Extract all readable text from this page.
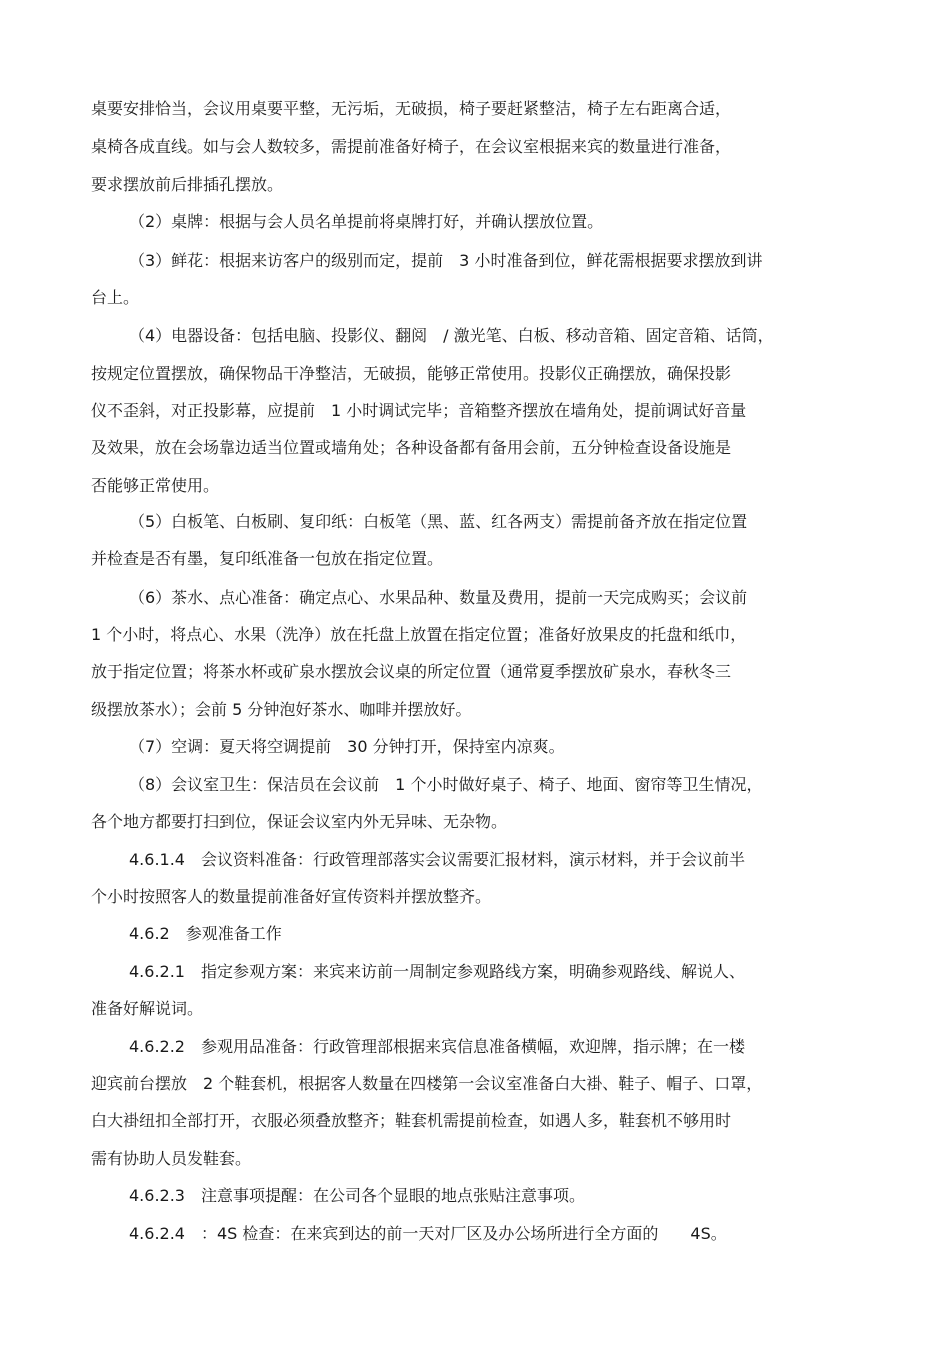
桌要安排恰当，会议用桌要平整，无污垢，无破损，椅子要赶紧整洁，椅子左右距离合适，
桌椅各成直线。如与会人数较多，需提前准备好椅子，在会议室根据来宾的数量进行准备，
要求摆放前后排插孔摆放。
（2）桌牌：根据与会人员名单提前将桌牌打好，并确认摆放位置。
（3）鲜花：根据来访客户的级别而定，提前　3 小时准备到位，鲜花需根据要求摆放到讲
台上。
（4）电器设备：包括电脑、投影仪、翻阅　/ 激光笔、白板、移动音箱、固定音箱、话筒，
按规定位置摆放，确保物品干净整洁，无破损，能够正常使用。投影仪正确摆放，确保投影
仪不歪斜，对正投影幕，应提前　1 小时调试完毕；音箱整齐摆放在墙角处，提前调试好音量
及效果，放在会场靠边适当位置或墙角处；各种设备都有备用会前，五分钟检查设备设施是
否能够正常使用。
（5）白板笔、白板刷、复印纸：白板笔（黑、蓝、红各两支）需提前备齐放在指定位置
并检查是否有墨，复印纸准备一包放在指定位置。
（6）茶水、点心准备：确定点心、水果品种、数量及费用，提前一天完成购买；会议前
1 个小时，将点心、水果（洗净）放在托盘上放置在指定位置；准备好放果皮的托盘和纸巾，
放于指定位置；将茶水杯或矿泉水摆放会议桌的所定位置（通常夏季摆放矿泉水，春秋冬三
级摆放茶水）；会前 5 分钟泡好茶水、咖啡并摆放好。
（7）空调：夏天将空调提前　30 分钟打开，保持室内凉爽。
（8）会议室卫生：保洁员在会议前　1 个小时做好桌子、椅子、地面、窗帘等卫生情况，
各个地方都要打扫到位，保证会议室内外无异味、无杂物。
4.6.1.4　会议资料准备：行政管理部落实会议需要汇报材料，演示材料，并于会议前半
个小时按照客人的数量提前准备好宣传资料并摆放整齐。
4.6.2　参观准备工作
4.6.2.1　指定参观方案：来宾来访前一周制定参观路线方案，明确参观路线、解说人、
准备好解说词。
4.6.2.2　参观用品准备：行政管理部根据来宾信息准备横幅，欢迎牌，指示牌；在一楼
迎宾前台摆放　2 个鞋套机，根据客人数量在四楼第一会议室准备白大褂、鞋子、帽子、口罩，
白大褂纽扣全部打开，衣服必须叠放整齐；鞋套机需提前检查，如遇人多，鞋套机不够用时
需有协助人员发鞋套。
4.6.2.3　注意事项提醒：在公司各个显眼的地点张贴注意事项。
4.6.2.4　：4S 检查：在来宾到达的前一天对厂区及办公场所进行全方面的　　4S。
